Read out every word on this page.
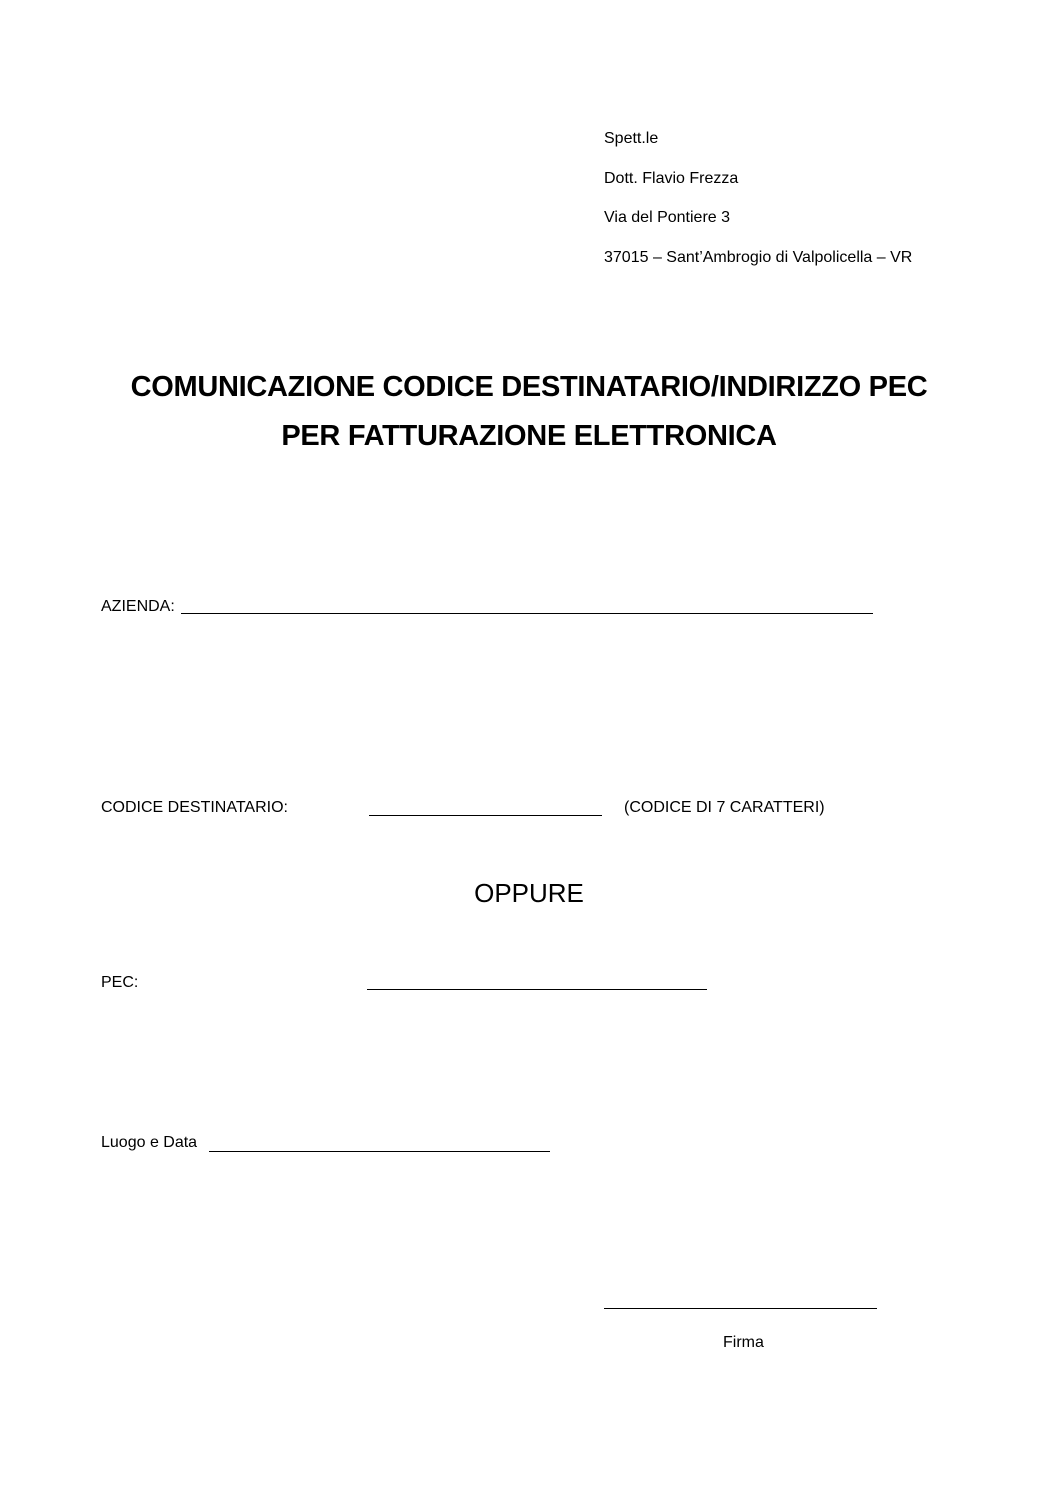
Spett.le
Dott. Flavio Frezza
Via del Pontiere 3
37015 – Sant’Ambrogio di Valpolicella – VR
COMUNICAZIONE CODICE DESTINATARIO/INDIRIZZO PEC
PER FATTURAZIONE ELETTRONICA
AZIENDA:
CODICE DESTINATARIO:	(CODICE DI 7 CARATTERI)
OPPURE
PEC:
Luogo e Data
Firma
